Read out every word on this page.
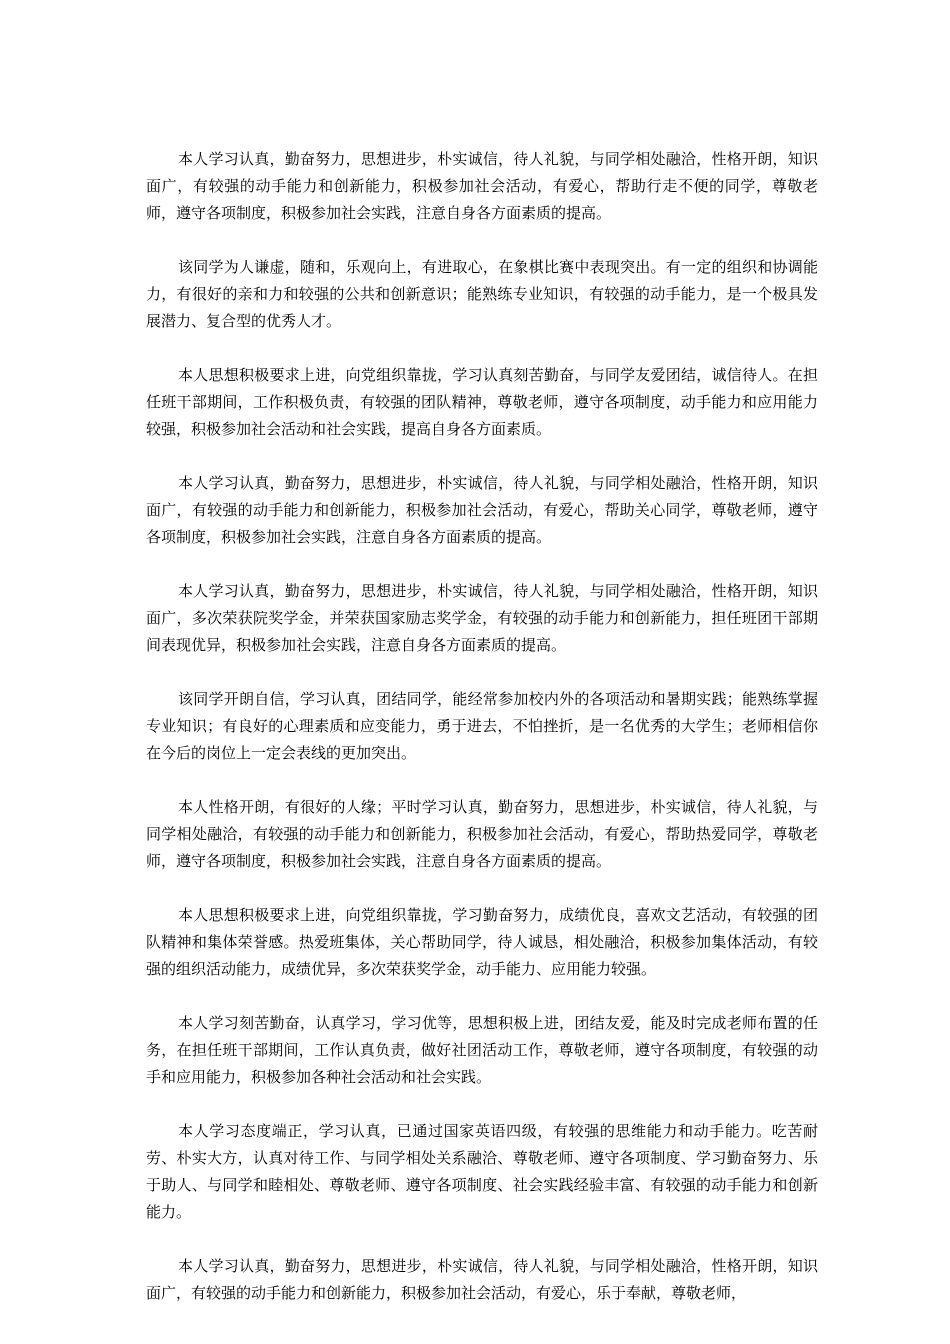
本人学习认真，勤奋努力，思想进步，朴实诚信，待人礼貌，与同学相处融洽，性格开朗，知识面广，有较强的动手能力和创新能力，积极参加社会活动，有爱心，帮助行走不便的同学，尊敬老师，遵守各项制度，积极参加社会实践，注意自身各方面素质的提高。

该同学为人谦虚，随和，乐观向上，有进取心，在象棋比赛中表现突出。有一定的组织和协调能力，有很好的亲和力和较强的公共和创新意识；能熟练专业知识，有较强的动手能力，是一个极具发展潜力、复合型的优秀人才。

本人思想积极要求上进，向党组织靠拢，学习认真刻苦勤奋，与同学友爱团结，诚信待人。在担任班干部期间，工作积极负责，有较强的团队精神，尊敬老师，遵守各项制度，动手能力和应用能力较强，积极参加社会活动和社会实践，提高自身各方面素质。

本人学习认真，勤奋努力，思想进步，朴实诚信，待人礼貌，与同学相处融洽，性格开朗，知识面广，有较强的动手能力和创新能力，积极参加社会活动，有爱心，帮助关心同学，尊敬老师，遵守各项制度，积极参加社会实践，注意自身各方面素质的提高。

本人学习认真，勤奋努力，思想进步，朴实诚信，待人礼貌，与同学相处融洽，性格开朗，知识面广，多次荣获院奖学金，并荣获国家励志奖学金，有较强的动手能力和创新能力，担任班团干部期间表现优异，积极参加社会实践，注意自身各方面素质的提高。

该同学开朗自信，学习认真，团结同学，能经常参加校内外的各项活动和暑期实践；能熟练掌握专业知识；有良好的心理素质和应变能力，勇于进去，不怕挫折，是一名优秀的大学生；老师相信你在今后的岗位上一定会表线的更加突出。

本人性格开朗，有很好的人缘；平时学习认真，勤奋努力，思想进步，朴实诚信，待人礼貌，与同学相处融洽，有较强的动手能力和创新能力，积极参加社会活动，有爱心，帮助热爱同学，尊敬老师，遵守各项制度，积极参加社会实践，注意自身各方面素质的提高。

本人思想积极要求上进，向党组织靠拢，学习勤奋努力，成绩优良，喜欢文艺活动，有较强的团队精神和集体荣誉感。热爱班集体，关心帮助同学，待人诚恳，相处融洽，积极参加集体活动，有较强的组织活动能力，成绩优异，多次荣获奖学金，动手能力、应用能力较强。

本人学习刻苦勤奋，认真学习，学习优等，思想积极上进，团结友爱，能及时完成老师布置的任务，在担任班干部期间，工作认真负责，做好社团活动工作，尊敬老师，遵守各项制度，有较强的动手和应用能力，积极参加各种社会活动和社会实践。

本人学习态度端正，学习认真，已通过国家英语四级，有较强的思维能力和动手能力。吃苦耐劳、朴实大方，认真对待工作、与同学相处关系融洽、尊敬老师、遵守各项制度、学习勤奋努力、乐于助人、与同学和睦相处、尊敬老师、遵守各项制度、社会实践经验丰富、有较强的动手能力和创新能力。

本人学习认真，勤奋努力，思想进步，朴实诚信，待人礼貌，与同学相处融洽，性格开朗，知识面广，有较强的动手能力和创新能力，积极参加社会活动，有爱心，乐于奉献，尊敬老师，
